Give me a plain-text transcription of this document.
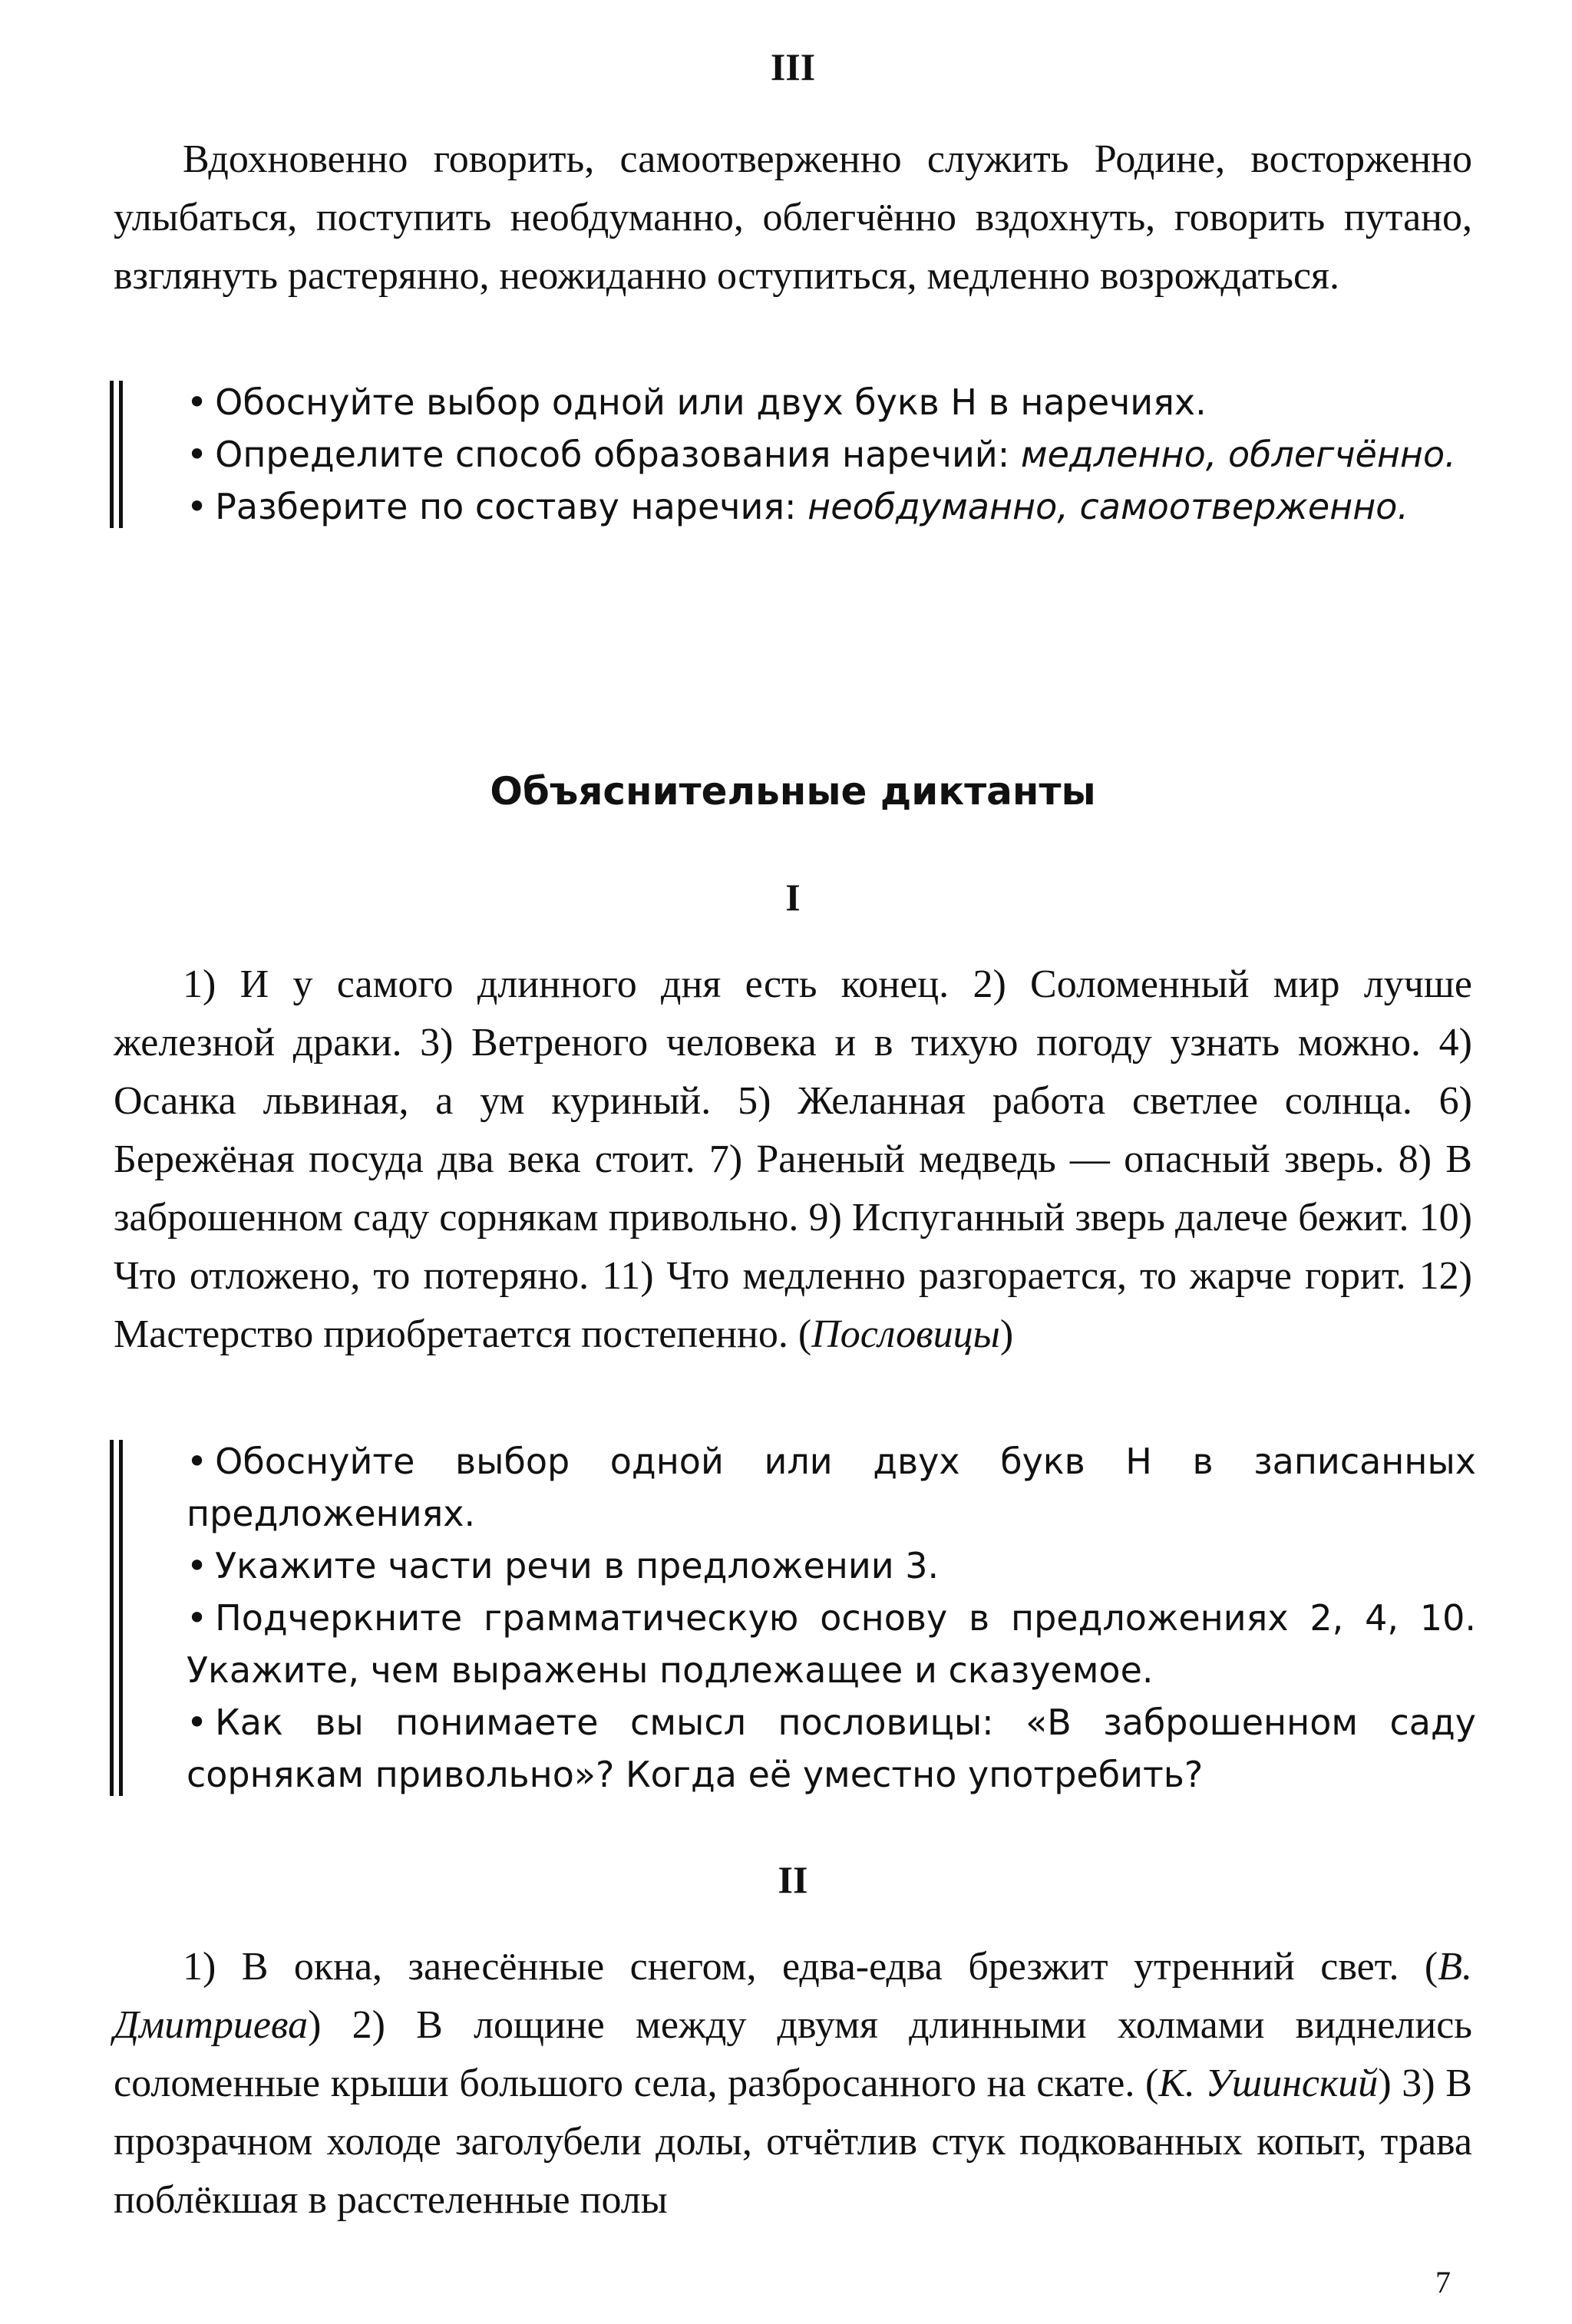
III

Вдохновенно говорить, самоотверженно служить Родине, восторженно улыбаться, поступить необдуманно, облегчённо вздохнуть, говорить путано, взглянуть растерянно, неожиданно оступиться, медленно возрождаться.

• Обоснуйте выбор одной или двух букв Н в наречиях.

• Определите способ образования наречий: медленно, облегчённо.

• Разберите по составу наречия: необдуманно, самоотверженно.

Объяснительные диктанты

I

1) И у самого длинного дня есть конец. 2) Соломенный мир лучше железной драки. 3) Ветреного человека и в тихую погоду узнать можно. 4) Осанка львиная, а ум куриный. 5) Желанная работа светлее солнца. 6) Бережёная посуда два века стоит. 7) Раненый медведь — опасный зверь. 8) В заброшенном саду сорнякам привольно. 9) Испуганный зверь далече бежит. 10) Что отложено, то потеряно. 11) Что медленно разгорается, то жарче горит. 12) Мастерство приобретается постепенно. (Пословицы)

• Обоснуйте выбор одной или двух букв Н в записанных предложениях.

• Укажите части речи в предложении 3.

• Подчеркните грамматическую основу в предложениях 2, 4, 10. Укажите, чем выражены подлежащее и сказуемое.

• Как вы понимаете смысл пословицы: «В заброшенном саду сорнякам привольно»? Когда её уместно употребить?

II

1) В окна, занесённые снегом, едва-едва брезжит утренний свет. (В. Дмитриева) 2) В лощине между двумя длинными холмами виднелись соломенные крыши большого села, разбросанного на скате. (К. Ушинский) 3) В прозрачном холоде заголубели долы, отчётлив стук подкованных копыт, трава поблёкшая в расстеленные полы

7
